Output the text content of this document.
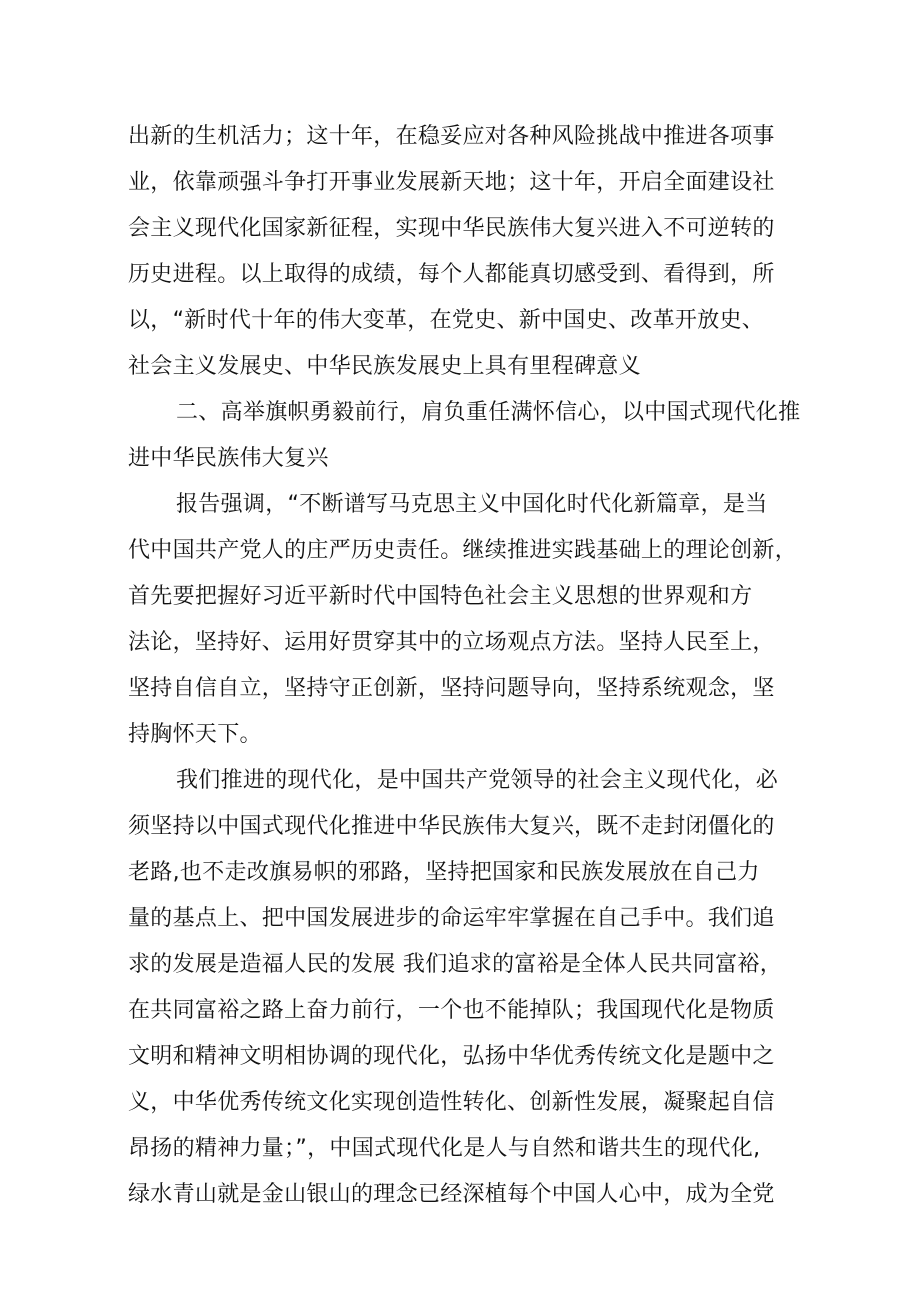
出新的生机活力；这十年，在稳妥应对各种风险挑战中推进各项事
业，依靠顽强斗争打开事业发展新天地；这十年，开启全面建设社
会主义现代化国家新征程，实现中华民族伟大复兴进入不可逆转的
历史进程。以上取得的成绩，每个人都能真切感受到、看得到，所
以，“新时代十年的伟大变革，在党史、新中国史、改革开放史、
社会主义发展史、中华民族发展史上具有里程碑意义
二、高举旗帜勇毅前行，肩负重任满怀信心，以中国式现代化推
进中华民族伟大复兴
报告强调，“不断谱写马克思主义中国化时代化新篇章，是当
代中国共产党人的庄严历史责任。继续推进实践基础上的理论创新，
首先要把握好习近平新时代中国特色社会主义思想的世界观和方
法论，坚持好、运用好贯穿其中的立场观点方法。坚持人民至上，
坚持自信自立，坚持守正创新，坚持问题导向，坚持系统观念，坚
持胸怀天下。
我们推进的现代化，是中国共产党领导的社会主义现代化，必
须坚持以中国式现代化推进中华民族伟大复兴，既不走封闭僵化的
老路,也不走改旗易帜的邪路，坚持把国家和民族发展放在自己力
量的基点上、把中国发展进步的命运牢牢掌握在自己手中。我们追
求的发展是造福人民的发展 我们追求的富裕是全体人民共同富裕，
在共同富裕之路上奋力前行，一个也不能掉队；我国现代化是物质
文明和精神文明相协调的现代化，弘扬中华优秀传统文化是题中之
义，中华优秀传统文化实现创造性转化、创新性发展，凝聚起自信
昂扬的精神力量；”，中国式现代化是人与自然和谐共生的现代化,
绿水青山就是金山银山的理念已经深植每个中国人心中，成为全党
